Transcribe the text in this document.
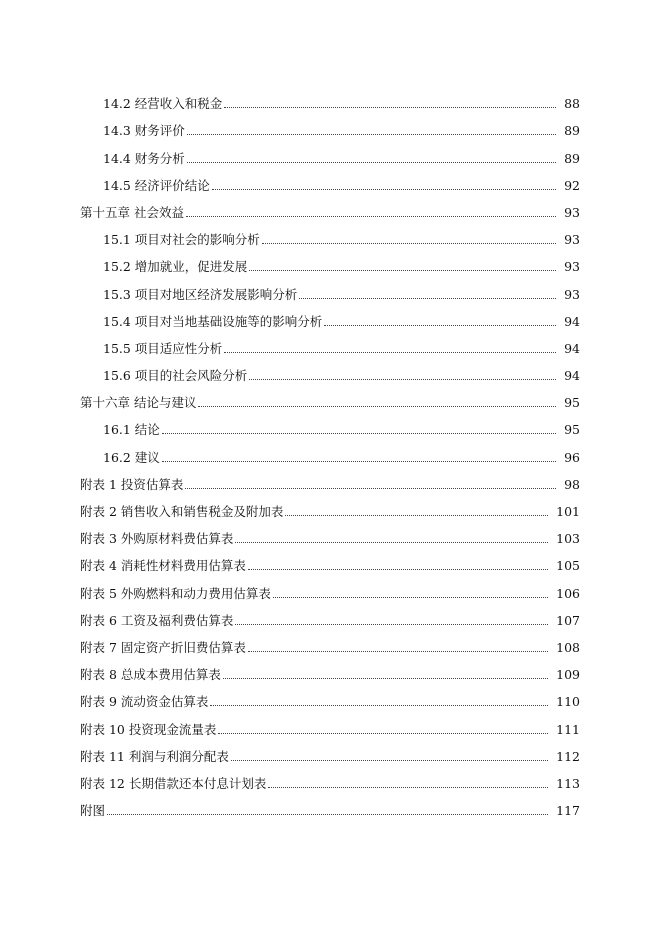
14.2 经营收入和税金	88
14.3 财务评价	89
14.4 财务分析	89
14.5 经济评价结论	92
第十五章 社会效益	93
15.1 项目对社会的影响分析	93
15.2 增加就业，促进发展	93
15.3 项目对地区经济发展影响分析	93
15.4 项目对当地基础设施等的影响分析	94
15.5 项目适应性分析	94
15.6 项目的社会风险分析	94
第十六章 结论与建议	95
16.1 结论	95
16.2 建议	96
附表 1 投资估算表	98
附表 2 销售收入和销售税金及附加表	101
附表 3 外购原材料费估算表	103
附表 4 消耗性材料费用估算表	105
附表 5 外购燃料和动力费用估算表	106
附表 6 工资及福利费估算表	107
附表 7 固定资产折旧费估算表	108
附表 8 总成本费用估算表	109
附表 9 流动资金估算表	110
附表 10 投资现金流量表	111
附表 11 利润与利润分配表	112
附表 12 长期借款还本付息计划表	113
附图	117
